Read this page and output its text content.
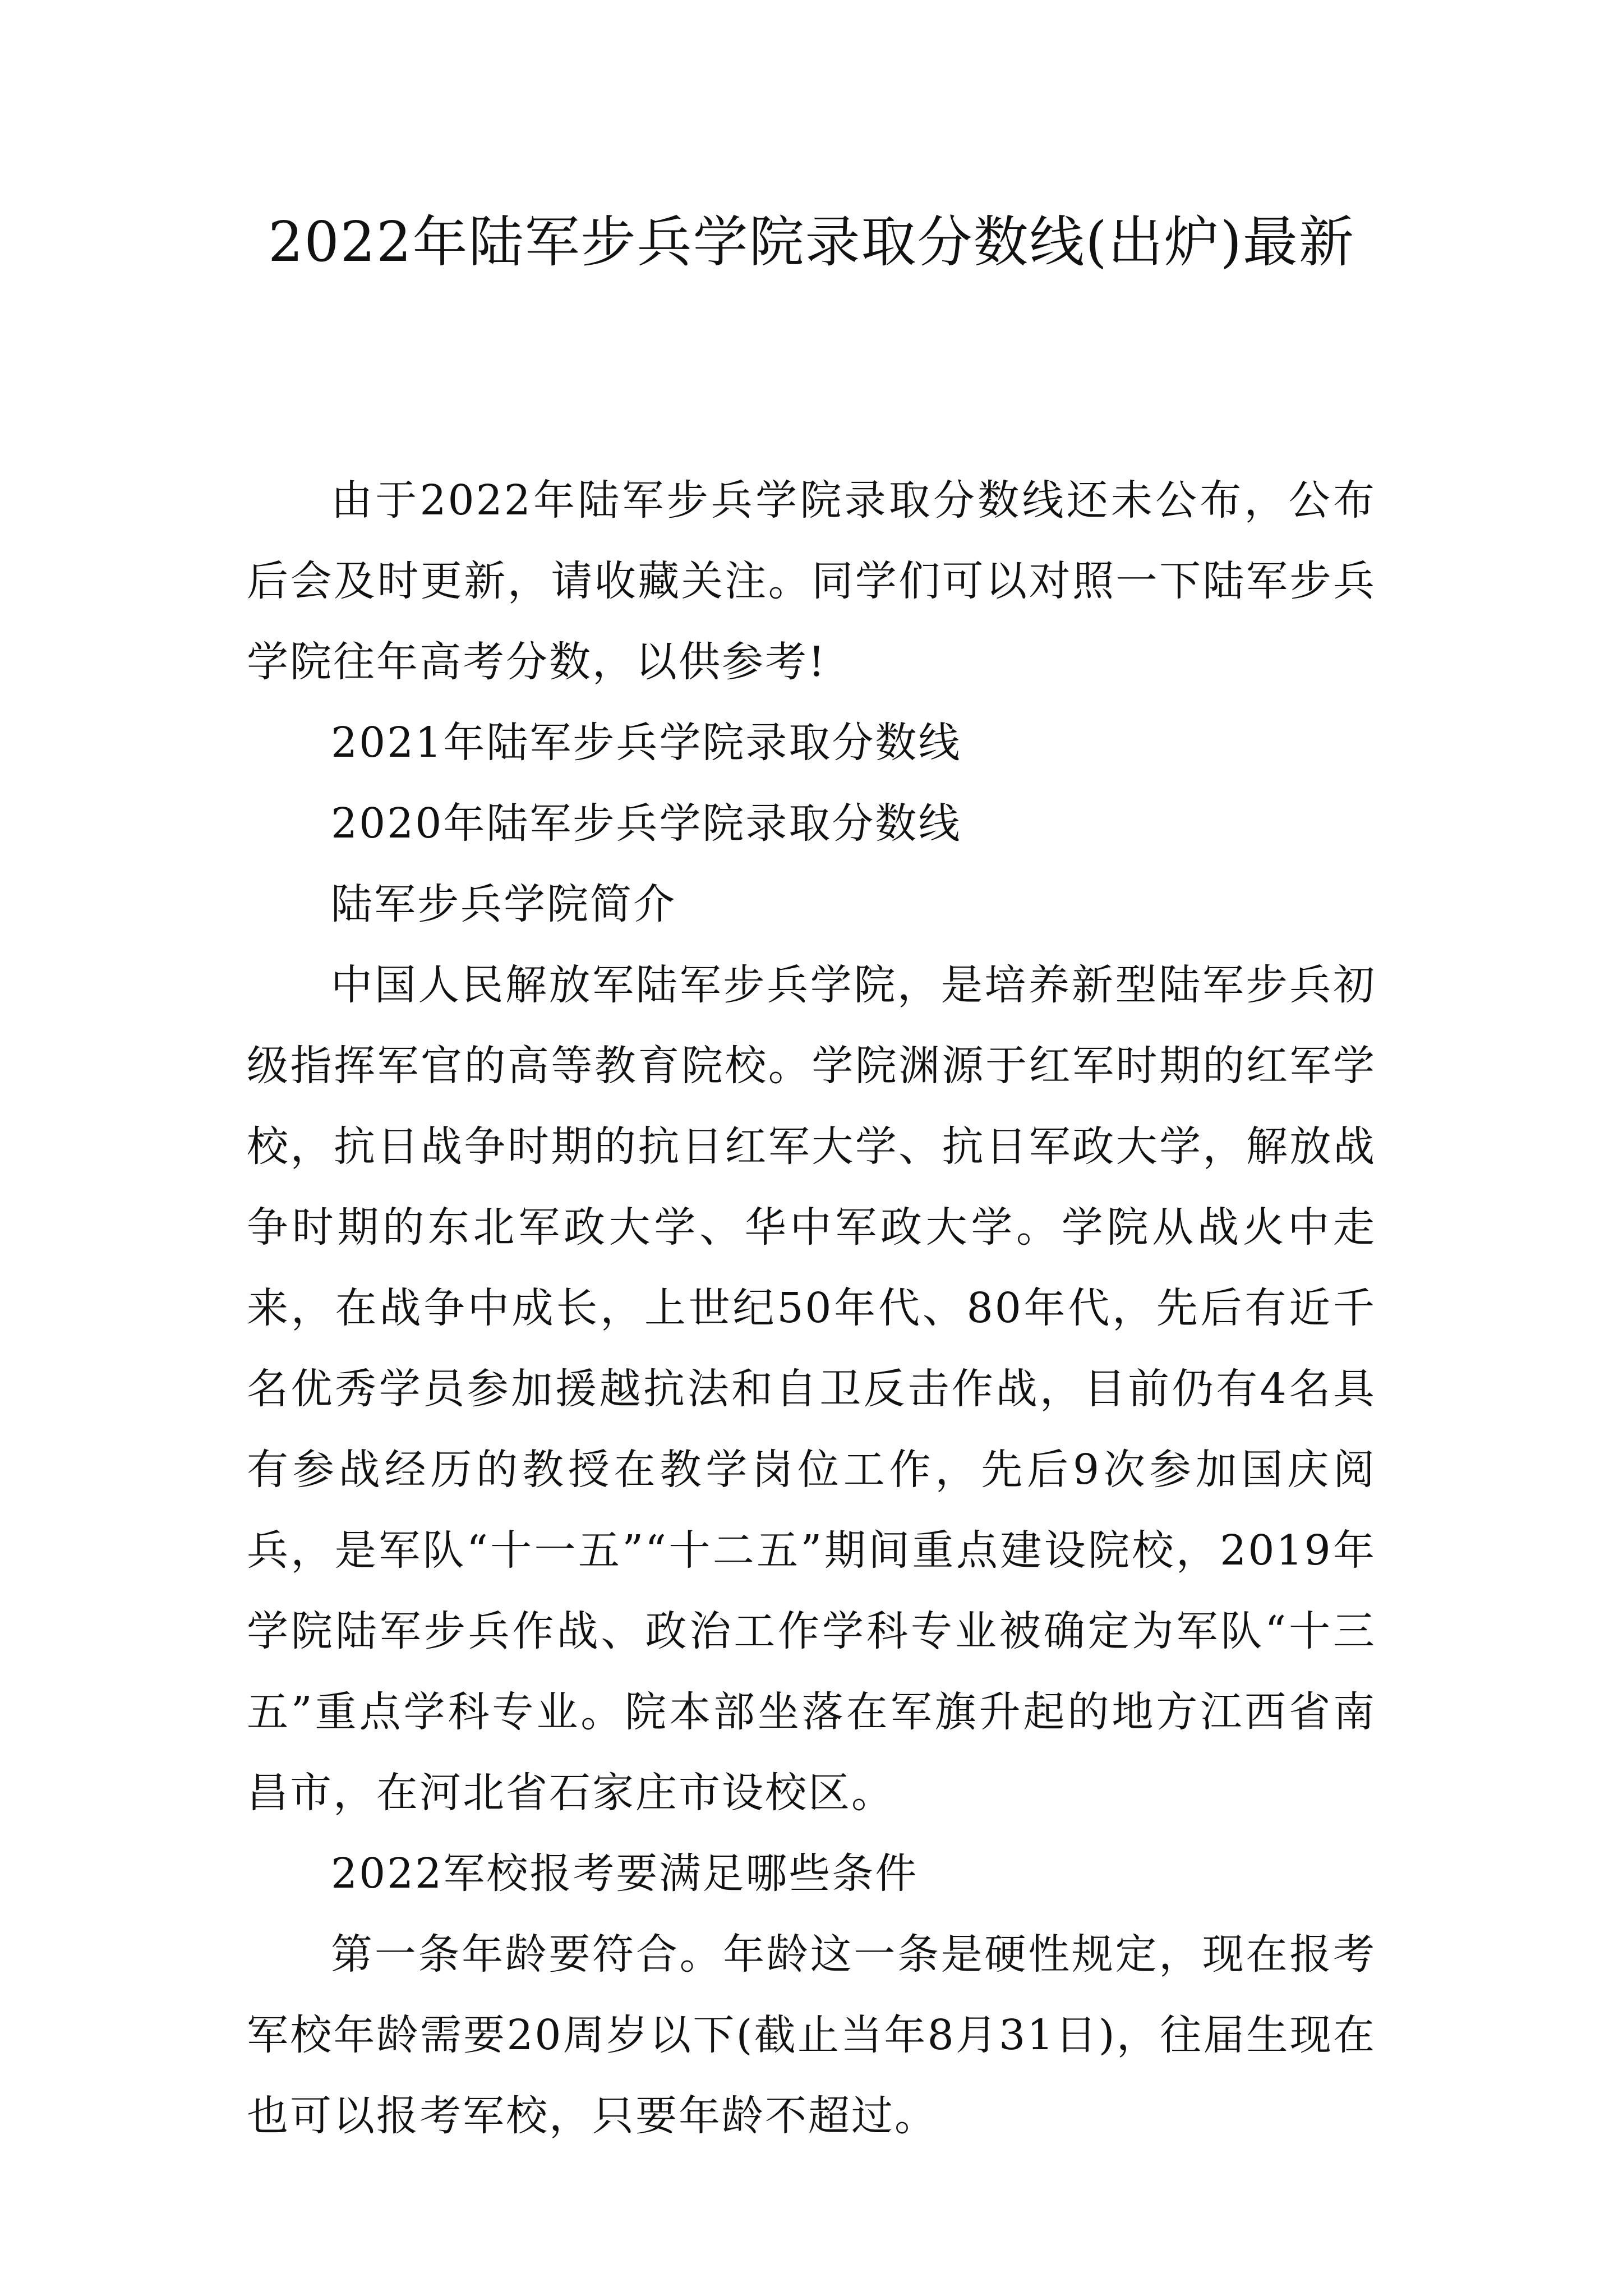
2022年陆军步兵学院录取分数线(出炉)最新

由于2022年陆军步兵学院录取分数线还未公布，公布后会及时更新，请收藏关注。同学们可以对照一下陆军步兵学院往年高考分数，以供参考!

2021年陆军步兵学院录取分数线

2020年陆军步兵学院录取分数线

陆军步兵学院简介

中国人民解放军陆军步兵学院，是培养新型陆军步兵初级指挥军官的高等教育院校。学院渊源于红军时期的红军学校，抗日战争时期的抗日红军大学、抗日军政大学，解放战争时期的东北军政大学、华中军政大学。学院从战火中走来，在战争中成长，上世纪50年代、80年代，先后有近千名优秀学员参加援越抗法和自卫反击作战，目前仍有4名具有参战经历的教授在教学岗位工作，先后9次参加国庆阅兵，是军队“十一五”“十二五”期间重点建设院校，2019年学院陆军步兵作战、政治工作学科专业被确定为军队“十三五”重点学科专业。院本部坐落在军旗升起的地方江西省南昌市，在河北省石家庄市设校区。

2022军校报考要满足哪些条件

第一条年龄要符合。年龄这一条是硬性规定，现在报考军校年龄需要20周岁以下(截止当年8月31日)，往届生现在也可以报考军校，只要年龄不超过。
